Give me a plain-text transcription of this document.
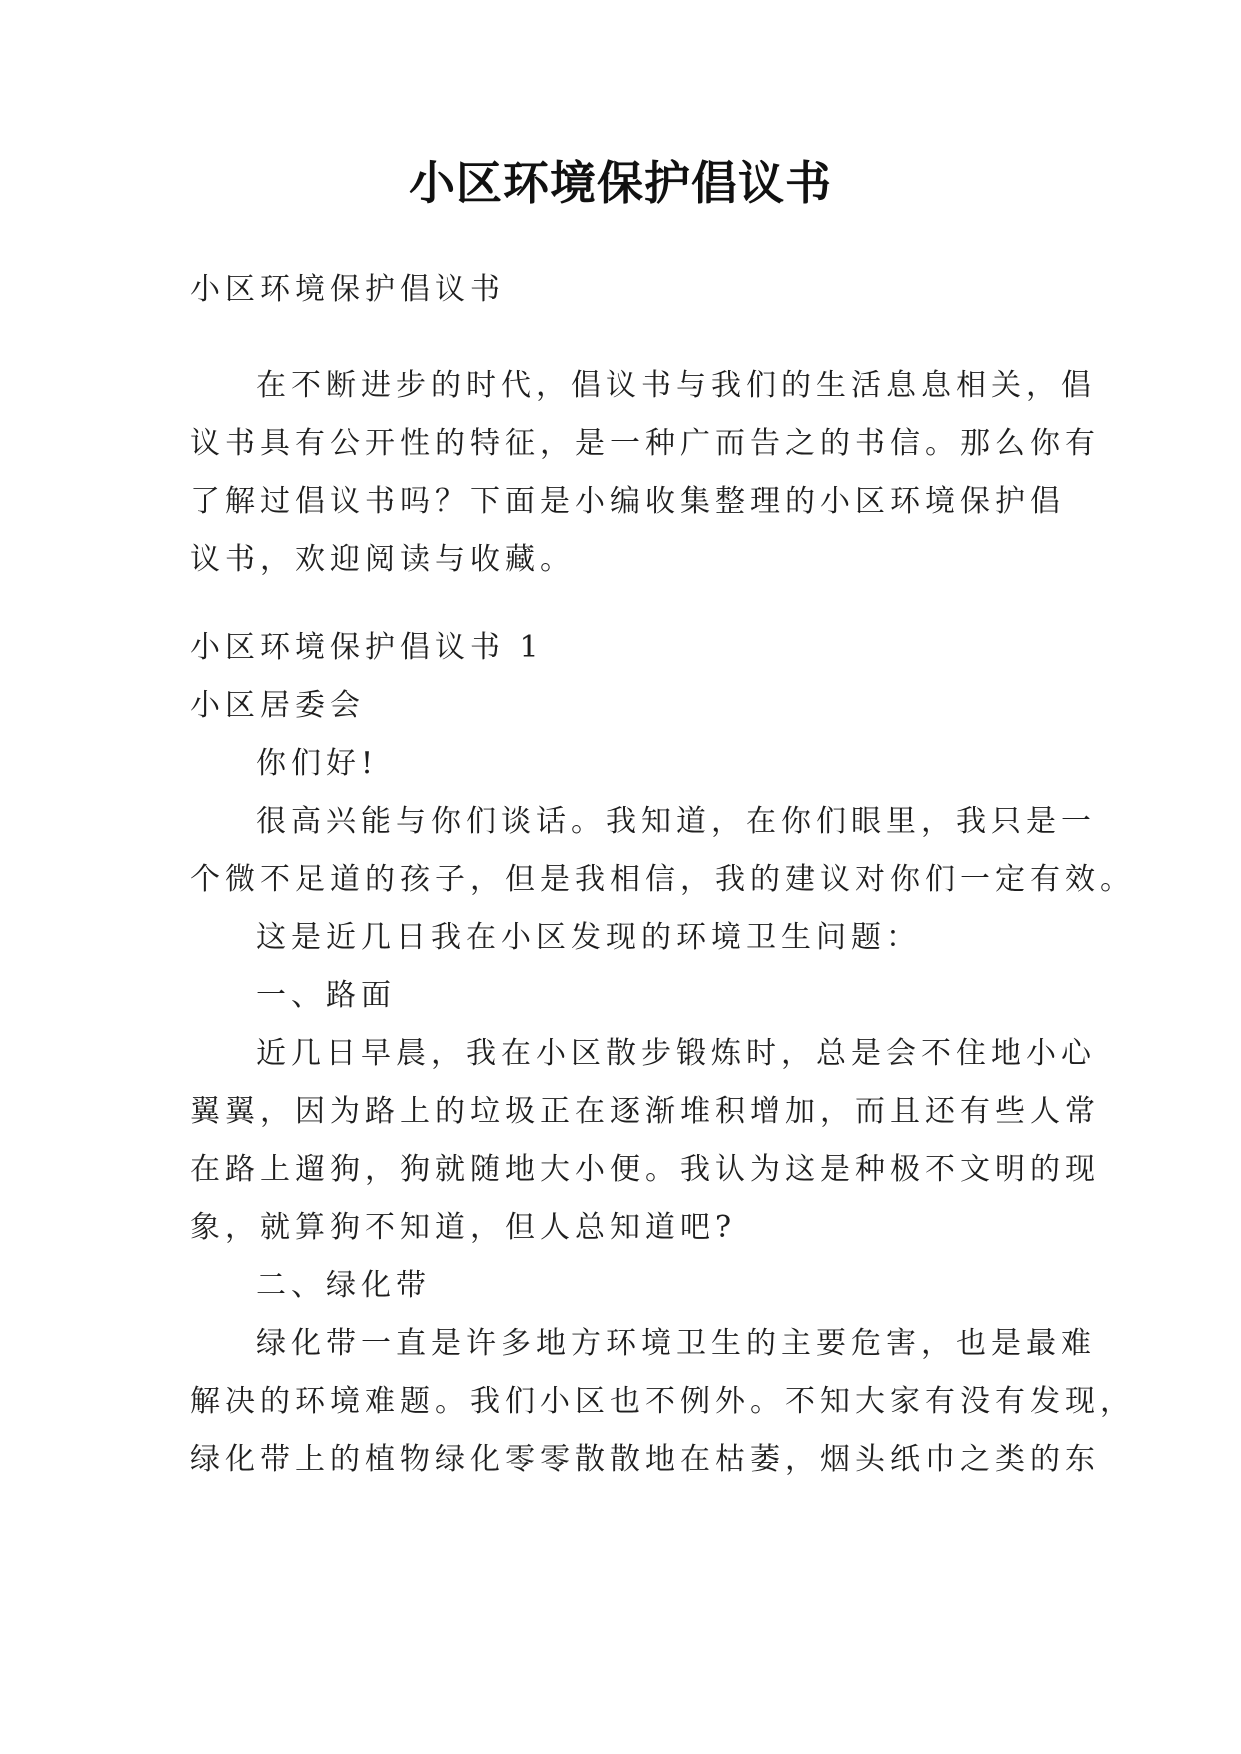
小区环境保护倡议书

小区环境保护倡议书

在不断进步的时代，倡议书与我们的生活息息相关，倡

议书具有公开性的特征，是一种广而告之的书信。那么你有

了解过倡议书吗？下面是小编收集整理的小区环境保护倡

议书，欢迎阅读与收藏。

小区环境保护倡议书 1

小区居委会

你们好!

很高兴能与你们谈话。我知道，在你们眼里，我只是一

个微不足道的孩子，但是我相信，我的建议对你们一定有效。

这是近几日我在小区发现的环境卫生问题：

一、路面

近几日早晨，我在小区散步锻炼时，总是会不住地小心

翼翼，因为路上的垃圾正在逐渐堆积增加，而且还有些人常

在路上遛狗，狗就随地大小便。我认为这是种极不文明的现

象，就算狗不知道，但人总知道吧?

二、绿化带

绿化带一直是许多地方环境卫生的主要危害，也是最难

解决的环境难题。我们小区也不例外。不知大家有没有发现，

绿化带上的植物绿化零零散散地在枯萎，烟头纸巾之类的东
